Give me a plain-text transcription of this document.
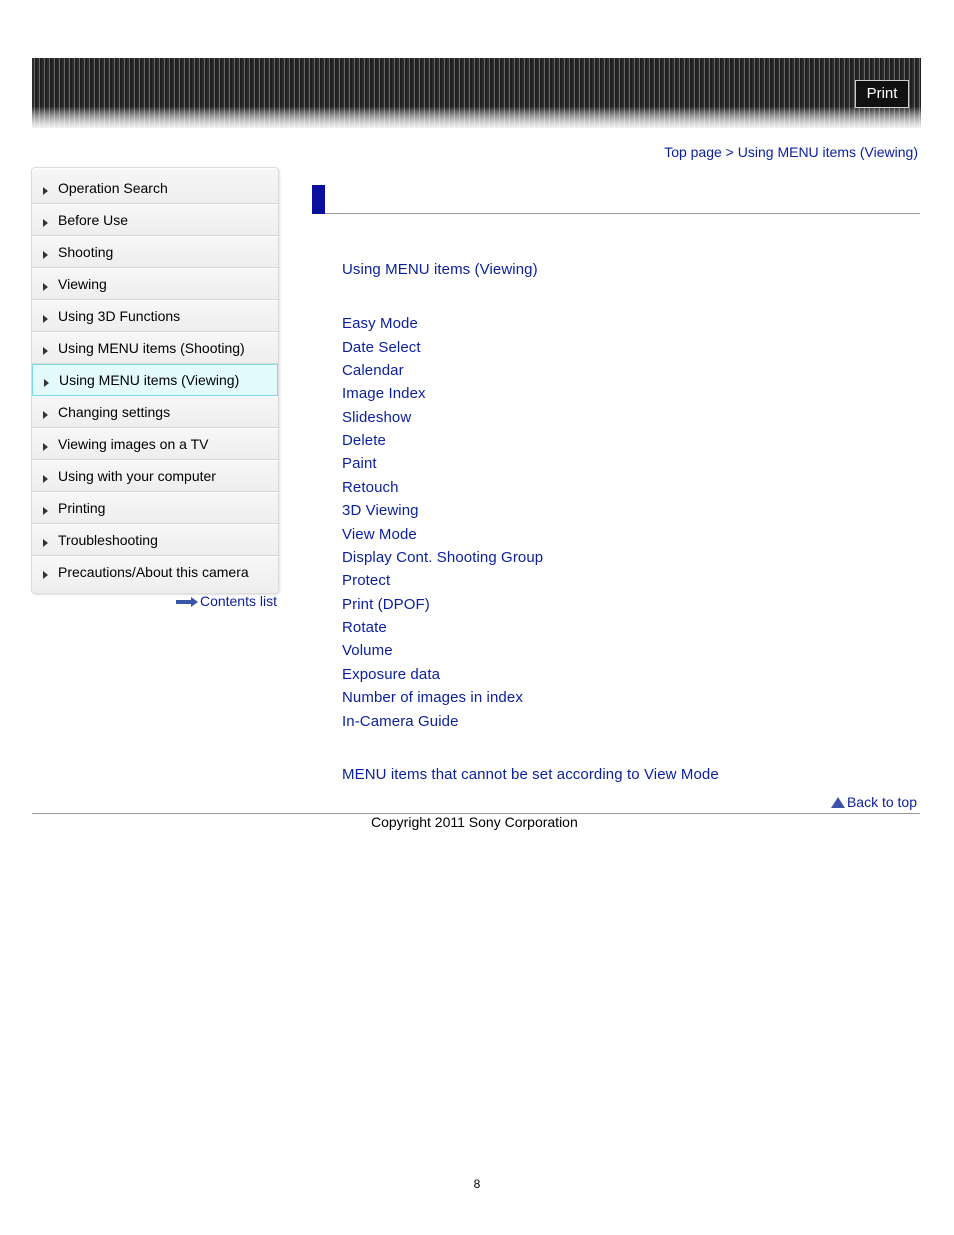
Print
Top page > Using MENU items (Viewing)
Operation Search
Before Use
Shooting
Viewing
Using 3D Functions
Using MENU items (Shooting)
Using MENU items (Viewing)
Changing settings
Viewing images on a TV
Using with your computer
Printing
Troubleshooting
Precautions/About this camera
Contents list
Using MENU items (Viewing)
Easy Mode
Date Select
Calendar
Image Index
Slideshow
Delete
Paint
Retouch
3D Viewing
View Mode
Display Cont. Shooting Group
Protect
Print (DPOF)
Rotate
Volume
Exposure data
Number of images in index
In-Camera Guide
MENU items that cannot be set according to View Mode
Back to top
Copyright 2011 Sony Corporation
8
